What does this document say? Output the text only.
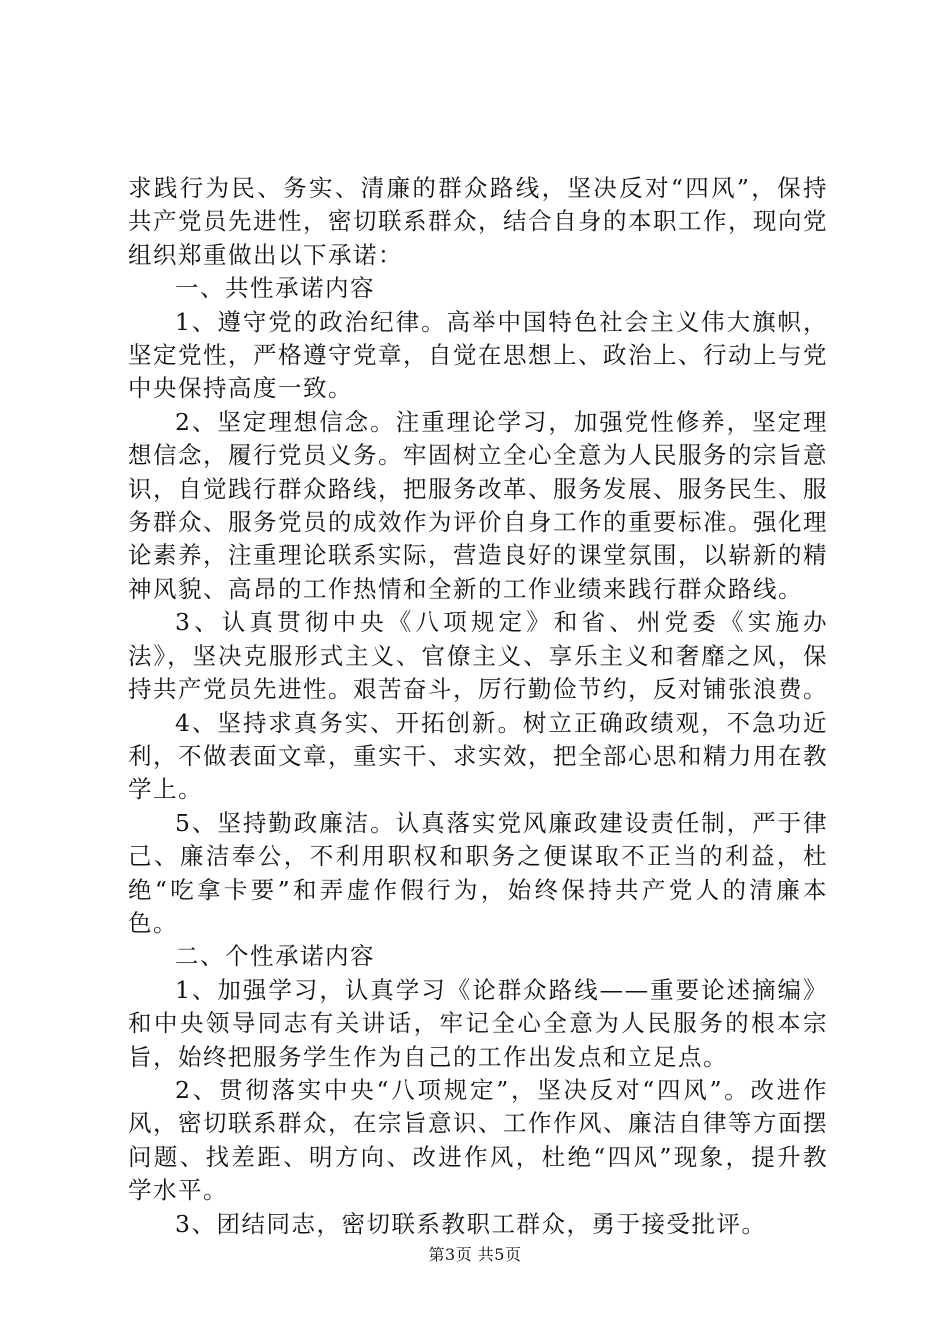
求践行为民、务实、清廉的群众路线，坚决反对“四风”，保持共产党员先进性，密切联系群众，结合自身的本职工作，现向党组织郑重做出以下承诺：

一、共性承诺内容

1、遵守党的政治纪律。高举中国特色社会主义伟大旗帜，坚定党性，严格遵守党章，自觉在思想上、政治上、行动上与党中央保持高度一致。

2、坚定理想信念。注重理论学习，加强党性修养，坚定理想信念，履行党员义务。牢固树立全心全意为人民服务的宗旨意识，自觉践行群众路线，把服务改革、服务发展、服务民生、服务群众、服务党员的成效作为评价自身工作的重要标准。强化理论素养，注重理论联系实际，营造良好的课堂氛围，以崭新的精神风貌、高昂的工作热情和全新的工作业绩来践行群众路线。

3、认真贯彻中央《八项规定》和省、州党委《实施办法》，坚决克服形式主义、官僚主义、享乐主义和奢靡之风，保持共产党员先进性。艰苦奋斗，厉行勤俭节约，反对铺张浪费。

4、坚持求真务实、开拓创新。树立正确政绩观，不急功近利，不做表面文章，重实干、求实效，把全部心思和精力用在教学上。

5、坚持勤政廉洁。认真落实党风廉政建设责任制，严于律己、廉洁奉公，不利用职权和职务之便谋取不正当的利益，杜绝“吃拿卡要”和弄虚作假行为，始终保持共产党人的清廉本色。

二、个性承诺内容

1、加强学习，认真学习《论群众路线——重要论述摘编》和中央领导同志有关讲话，牢记全心全意为人民服务的根本宗旨，始终把服务学生作为自己的工作出发点和立足点。

2、贯彻落实中央“八项规定”，坚决反对“四风”。改进作风，密切联系群众，在宗旨意识、工作作风、廉洁自律等方面摆问题、找差距、明方向、改进作风，杜绝“四风”现象，提升教学水平。

3、团结同志，密切联系教职工群众，勇于接受批评。

第3页 共5页
